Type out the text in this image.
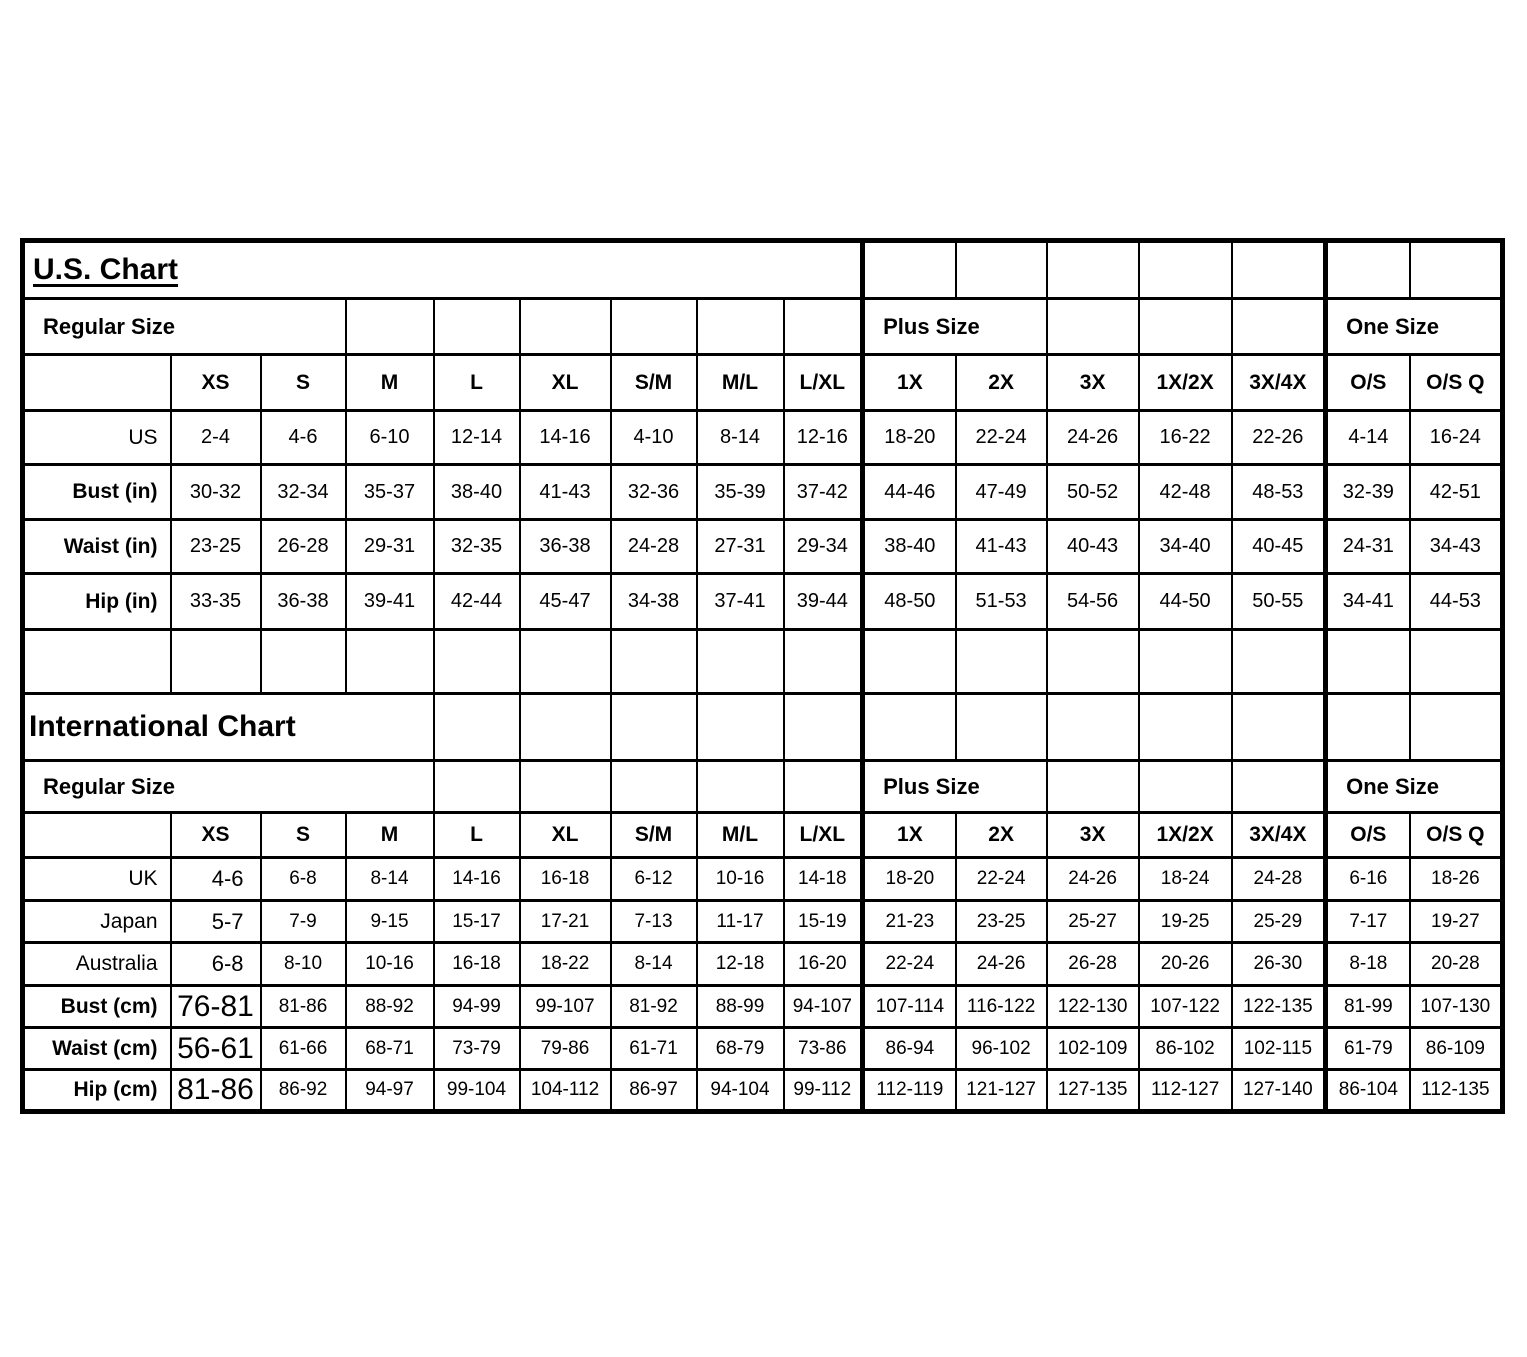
U.S. Chart															
Regular Size									Plus Size					One Size	
	XS	S	M	L	XL	S/M	M/L	L/XL	1X	2X	3X	1X/2X	3X/4X	O/S	O/S Q
US	2-4	4-6	6-10	12-14	14-16	4-10	8-14	12-16	18-20	22-24	24-26	16-22	22-26	4-14	16-24
Bust (in)	30-32	32-34	35-37	38-40	41-43	32-36	35-39	37-42	44-46	47-49	50-52	42-48	48-53	32-39	42-51
Waist (in)	23-25	26-28	29-31	32-35	36-38	24-28	27-31	29-34	38-40	41-43	40-43	34-40	40-45	24-31	34-43
Hip (in)	33-35	36-38	39-41	42-44	45-47	34-38	37-41	39-44	48-50	51-53	54-56	44-50	50-55	34-41	44-53

International Chart															
Regular Size									Plus Size					One Size	
	XS	S	M	L	XL	S/M	M/L	L/XL	1X	2X	3X	1X/2X	3X/4X	O/S	O/S Q
UK	4-6	6-8	8-14	14-16	16-18	6-12	10-16	14-18	18-20	22-24	24-26	18-24	24-28	6-16	18-26
Japan	5-7	7-9	9-15	15-17	17-21	7-13	11-17	15-19	21-23	23-25	25-27	19-25	25-29	7-17	19-27
Australia	6-8	8-10	10-16	16-18	18-22	8-14	12-18	16-20	22-24	24-26	26-28	20-26	26-30	8-18	20-28
Bust (cm)	76-81	81-86	88-92	94-99	99-107	81-92	88-99	94-107	107-114	116-122	122-130	107-122	122-135	81-99	107-130
Waist (cm)	56-61	61-66	68-71	73-79	79-86	61-71	68-79	73-86	86-94	96-102	102-109	86-102	102-115	61-79	86-109
Hip (cm)	81-86	86-92	94-97	99-104	104-112	86-97	94-104	99-112	112-119	121-127	127-135	112-127	127-140	86-104	112-135
